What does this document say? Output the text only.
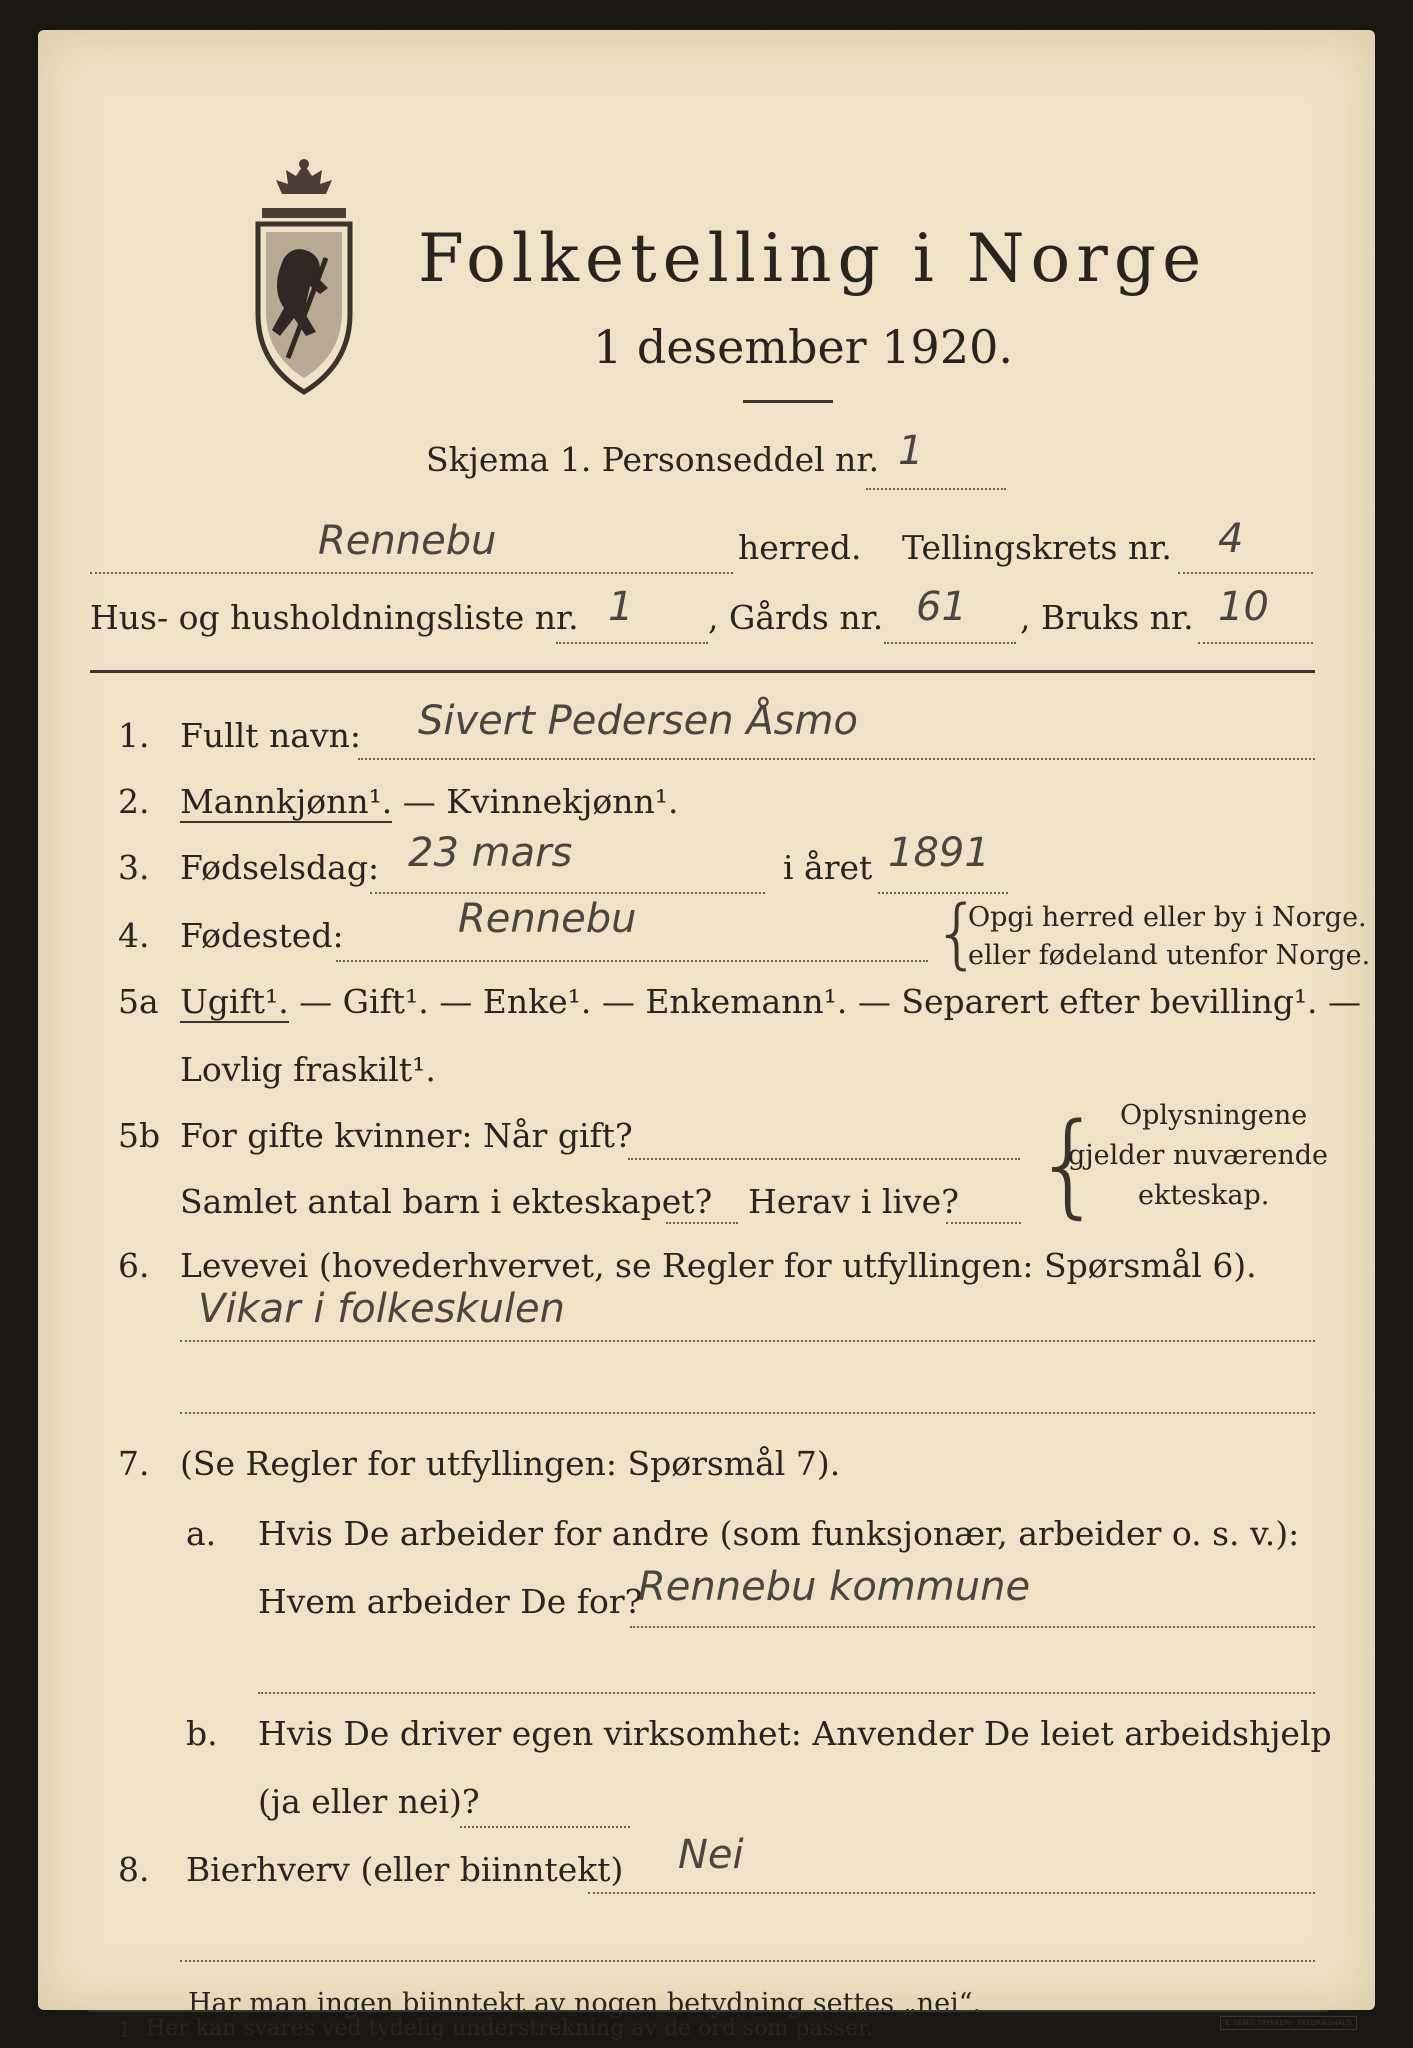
Folketelling i Norge
1 desember 1920.
Skjema 1. Personseddel nr. 1
Rennebu	herred. Tellingskrets nr. 4
Hus- og husholdningsliste nr. 1 , Gårds nr. 61 , Bruks nr. 10
1. Fullt navn: Sivert Pedersen Åsmo
2. Mannkjønn¹. — Kvinnekjønn¹.
3. Fødselsdag: 23 mars	i året 1891
4. Fødested:	Rennebu	{
Opgi herred eller by i Norge.
eller fødeland utenfor Norge.
5a Ugift¹. — Gift¹. — Enke¹. — Enkemann¹. — Separert efter bevilling¹. —
Lovlig fraskilt¹.
5b For gifte kvinner: Når gift?
Samlet antal barn i ekteskapet? Herav i live? { Oplysningene
gjelder nuværende
ekteskap.
6. Levevei (hovederhvervet, se Regler for utfyllingen: Spørsmål 6).
Vikar i folkeskulen
7. (Se Regler for utfyllingen: Spørsmål 7).
a. Hvis De arbeider for andre (som funksjonær, arbeider o. s. v.):
Hvem arbeider De for?
Rennebu kommune
b. Hvis De driver egen virksomhet: Anvender De leiet arbeidshjelp
(ja eller nei)?
8. Bierhverv (eller biinntekt) Nei
Har man ingen biinntekt av nogen betydning settes „nei“.
1 Her kan svares ved tydelig understrekning av de ord som passer.	E. SEM'S TRYKKERI · FREDRIKSHALD
